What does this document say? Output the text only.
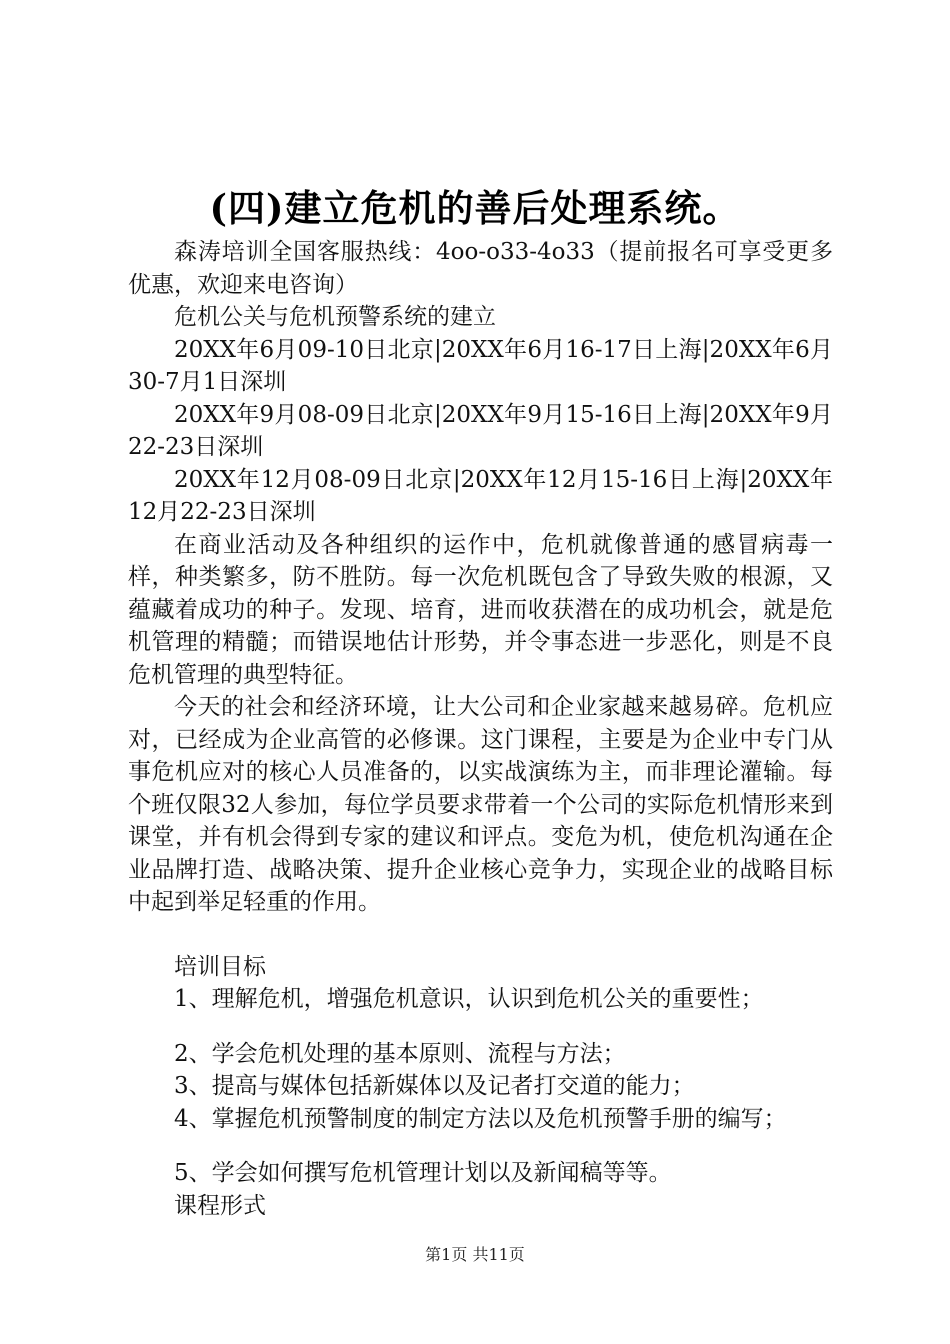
(四)建立危机的善后处理系统。

森涛培训全国客服热线：4oo-o33-4o33（提前报名可享受更多优惠，欢迎来电咨询）

危机公关与危机预警系统的建立

20XX年6月09-10日北京|20XX年6月16-17日上海|20XX年6月30-7月1日深圳

20XX年9月08-09日北京|20XX年9月15-16日上海|20XX年9月22-23日深圳

20XX年12月08-09日北京|20XX年12月15-16日上海|20XX年12月22-23日深圳

在商业活动及各种组织的运作中，危机就像普通的感冒病毒一样，种类繁多，防不胜防。每一次危机既包含了导致失败的根源，又蕴藏着成功的种子。发现、培育，进而收获潜在的成功机会，就是危机管理的精髓；而错误地估计形势，并令事态进一步恶化，则是不良危机管理的典型特征。

今天的社会和经济环境，让大公司和企业家越来越易碎。危机应对，已经成为企业高管的必修课。这门课程，主要是为企业中专门从事危机应对的核心人员准备的，以实战演练为主，而非理论灌输。每个班仅限32人参加，每位学员要求带着一个公司的实际危机情形来到课堂，并有机会得到专家的建议和评点。变危为机，使危机沟通在企业品牌打造、战略决策、提升企业核心竞争力，实现企业的战略目标中起到举足轻重的作用。

培训目标

1、理解危机，增强危机意识，认识到危机公关的重要性；

2、学会危机处理的基本原则、流程与方法；

3、提高与媒体包括新媒体以及记者打交道的能力；

4、掌握危机预警制度的制定方法以及危机预警手册的编写；

5、学会如何撰写危机管理计划以及新闻稿等等。

课程形式

第1页 共11页
